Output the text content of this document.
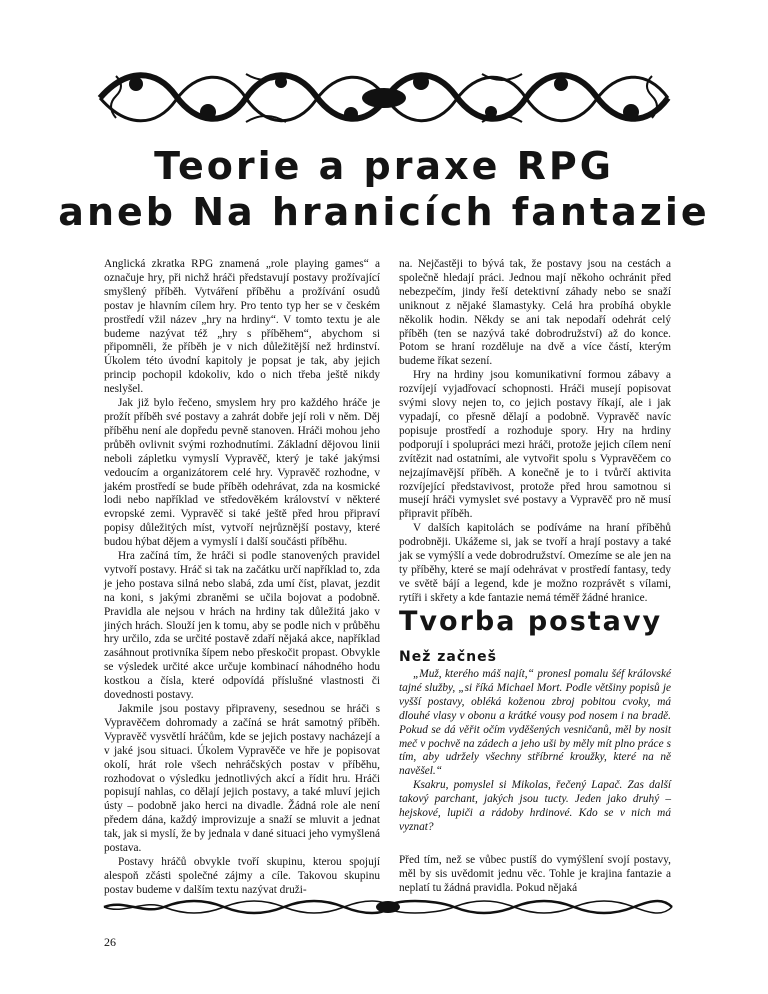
Teorie a praxe RPG
aneb Na hranicích fantazie

Anglická zkratka RPG znamená „role playing games“ a označuje hry, při nichž hráči představují postavy prožívající smyšlený příběh. Vytváření příběhu a prožívání osudů postav je hlavním cílem hry. Pro tento typ her se v českém prostředí vžil název „hry na hrdiny“. V tomto textu je ale budeme nazývat též „hry s příběhem“, abychom si připomněli, že příběh je v nich důležitější než hrdinství. Úkolem této úvodní kapitoly je popsat je tak, aby jejich princip pochopil kdokoliv, kdo o nich třeba ještě nikdy neslyšel.

Jak již bylo řečeno, smyslem hry pro každého hráče je prožít příběh své postavy a zahrát dobře její roli v něm. Děj příběhu není ale dopředu pevně stanoven. Hráči mohou jeho průběh ovlivnit svými rozhodnutími. Základní dějovou linii neboli zápletku vymyslí Vypravěč, který je také jakýmsi vedoucím a organizátorem celé hry. Vypravěč rozhodne, v jakém prostředí se bude příběh odehrávat, zda na kosmické lodi nebo například ve středověkém království v některé evropské zemi. Vypravěč si také ještě před hrou připraví popisy důležitých míst, vytvoří nejrůznější postavy, které budou hýbat dějem a vymyslí i další součásti příběhu.

Hra začíná tím, že hráči si podle stanovených pravidel vytvoří postavy. Hráč si tak na začátku určí například to, zda je jeho postava silná nebo slabá, zda umí číst, plavat, jezdit na koni, s jakými zbraněmi se učila bojovat a podobně. Pravidla ale nejsou v hrách na hrdiny tak důležitá jako v jiných hrách. Slouží jen k tomu, aby se podle nich v průběhu hry určilo, zda se určité postavě zdaří nějaká akce, například zasáhnout protivníka šípem nebo přeskočit propast. Obvykle se výsledek určité akce určuje kombinací náhodného hodu kostkou a čísla, které odpovídá příslušné vlastnosti či dovednosti postavy.

Jakmile jsou postavy připraveny, sesednou se hráči s Vypravěčem dohromady a začíná se hrát samotný příběh. Vypravěč vysvětlí hráčům, kde se jejich postavy nacházejí a v jaké jsou situaci. Úkolem Vypravěče ve hře je popisovat okolí, hrát role všech nehráčských postav v příběhu, rozhodovat o výsledku jednotlivých akcí a řídit hru. Hráči popisují nahlas, co dělají jejich postavy, a také mluví jejich ústy – podobně jako herci na divadle. Žádná role ale není předem dána, každý improvizuje a snaží se mluvit a jednat tak, jak si myslí, že by jednala v dané situaci jeho vymyšlená postava.

Postavy hráčů obvykle tvoří skupinu, kterou spojují alespoň zčásti společné zájmy a cíle. Takovou skupinu postav budeme v dalším textu nazývat druži-

na. Nejčastěji to bývá tak, že postavy jsou na cestách a společně hledají práci. Jednou mají někoho ochránit před nebezpečím, jindy řeší detektivní záhady nebo se snaží uniknout z nějaké šlamastyky. Celá hra probíhá obykle několik hodin. Někdy se ani tak nepodaří odehrát celý příběh (ten se nazývá také dobrodružství) až do konce. Potom se hraní rozděluje na dvě a více částí, kterým budeme říkat sezení.

Hry na hrdiny jsou komunikativní formou zábavy a rozvíjejí vyjadřovací schopnosti. Hráči musejí popisovat svými slovy nejen to, co jejich postavy říkají, ale i jak vypadají, co přesně dělají a podobně. Vypravěč navíc popisuje prostředí a rozhoduje spory. Hry na hrdiny podporují i spolupráci mezi hráči, protože jejich cílem není zvítězit nad ostatními, ale vytvořit spolu s Vypravěčem co nejzajímavější příběh. A konečně je to i tvůrčí aktivita rozvíjející představivost, protože před hrou samotnou si musejí hráči vymyslet své postavy a Vypravěč pro ně musí připravit příběh.

V dalších kapitolách se podíváme na hraní příběhů podrobněji. Ukážeme si, jak se tvoří a hrají postavy a také jak se vymýšlí a vede dobrodružství. Omezíme se ale jen na ty příběhy, které se mají odehrávat v prostředí fantasy, tedy ve světě bájí a legend, kde je možno rozprávět s vílami, rytíři i skřety a kde fantazie nemá téměř žádné hranice.

Tvorba postavy
Než začneš

„Muž, kterého máš najít,“ pronesl pomalu šéf královské tajné služby, „si říká Michael Mort. Podle většiny popisů je vyšší postavy, obléká koženou zbroj pobitou cvoky, má dlouhé vlasy v obonu a krátké vousy pod nosem i na bradě. Pokud se dá věřit očím vyděšených vesničanů, měl by nosit meč v pochvě na zádech a jeho uši by měly mít plno práce s tím, aby udržely všechny stříbrné kroužky, které na ně navěšel.“

Ksakru, pomyslel si Mikolas, řečený Lapač. Zas další takový parchant, jakých jsou tucty. Jeden jako druhý – hejskové, lupiči a rádoby hrdinové. Kdo se v nich má vyznat?

Před tím, než se vůbec pustíš do vymýšlení svojí postavy, měl by sis uvědomit jednu věc. Tohle je krajina fantazie a neplatí tu žádná pravidla. Pokud nějaká

26
